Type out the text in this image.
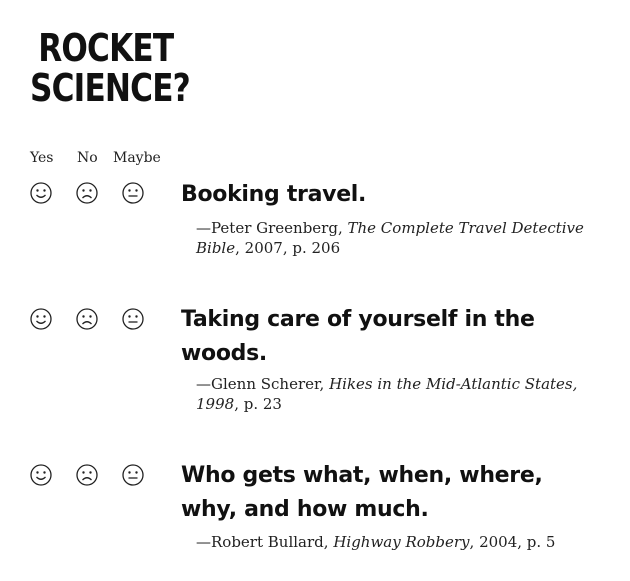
ROCKET
SCIENCE?
Yes No Maybe
Booking travel.
—Peter Greenberg, The Complete Travel Detective Bible, 2007, p. 206
Taking care of yourself in the woods.
—Glenn Scherer, Hikes in the Mid-Atlantic States, 1998, p. 23
Who gets what, when, where, why, and how much.
—Robert Bullard, Highway Robbery, 2004, p. 5
